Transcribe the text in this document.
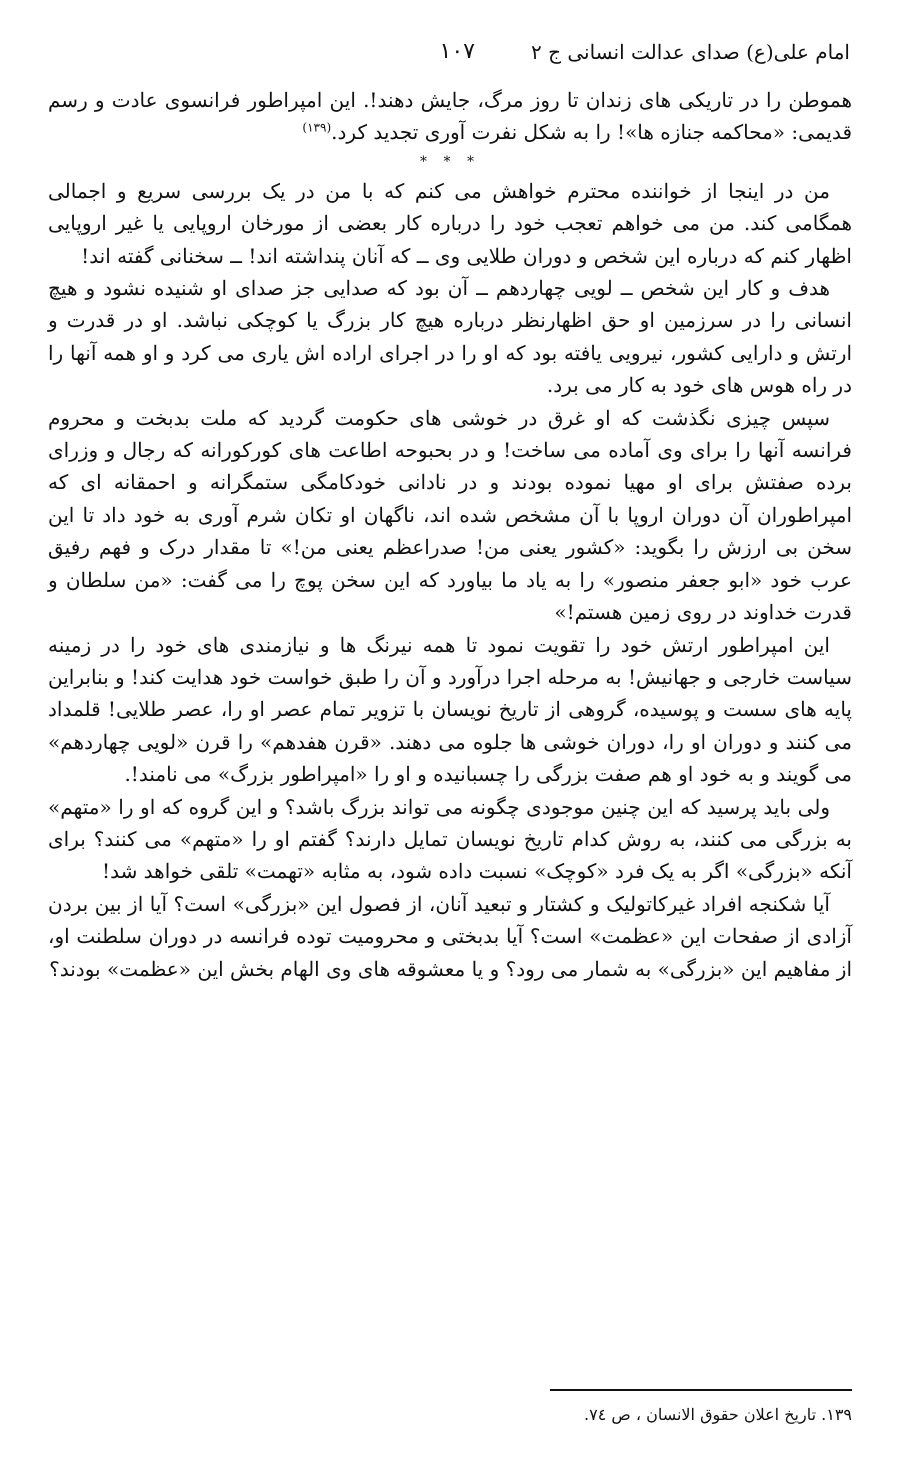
امام علی(ع) صدای عدالت انسانی ج ۲
۱۰۷

هموطن را در تاریکی های زندان تا روز مرگ، جایش دهند!. این امپراطور فرانسوی عادت و رسم قدیمی: «محاکمه جنازه ها»! را به شکل نفرت آوری تجدید کرد.$^{(۱۳۹)}$

* * *

من در اینجا از خواننده محترم خواهش می کنم که با من در یک بررسی سریع و اجمالی همگامی کند. من می خواهم تعجب خود را درباره کار بعضی از مورخان اروپایی یا غیر اروپایی اظهار کنم که درباره این شخص و دوران طلایی وی ــ که آنان پنداشته اند! ــ سخنانی گفته اند!

هدف و کار این شخص ــ لویی چهاردهم ــ آن بود که صدایی جز صدای او شنیده نشود و هیچ انسانی را در سرزمین او حق اظهارنظر درباره هیچ کار بزرگ یا کوچکی نباشد. او در قدرت و ارتش و دارایی کشور، نیرویی یافته بود که او را در اجرای اراده اش یاری می کرد و او همه آنها را در راه هوس های خود به کار می برد.

سپس چیزی نگذشت که او غرق در خوشی های حکومت گردید که ملت بدبخت و محروم فرانسه آنها را برای وی آماده می ساخت! و در بحبوحه اطاعت های کورکورانه که رجال و وزرای برده صفتش برای او مهیا نموده بودند و در نادانی خودکامگی ستمگرانه و احمقانه ای که امپراطوران آن دوران اروپا با آن مشخص شده اند، ناگهان او تکان شرم آوری به خود داد تا این سخن بی ارزش را بگوید: «کشور یعنی من! صدراعظم یعنی من!» تا مقدار درک و فهم رفیق عرب خود «ابو جعفر منصور» را به یاد ما بیاورد که این سخن پوچ را می گفت: «من سلطان و قدرت خداوند در روی زمین هستم!»

این امپراطور ارتش خود را تقویت نمود تا همه نیرنگ ها و نیازمندی های خود را در زمینه سیاست خارجی و جهانیش! به مرحله اجرا درآورد و آن را طبق خواست خود هدایت کند! و بنابراین پایه های سست و پوسیده، گروهی از تاریخ نویسان با تزویر تمام عصر او را، عصر طلایی! قلمداد می کنند و دوران او را، دوران خوشی ها جلوه می دهند. «قرن هفدهم» را قرن «لویی چهاردهم» می گویند و به خود او هم صفت بزرگی را چسبانیده و او را «امپراطور بزرگ» می نامند!.

ولی باید پرسید که این چنین موجودی چگونه می تواند بزرگ باشد؟ و این گروه که او را «متهم» به بزرگی می کنند، به روش کدام تاریخ نویسان تمایل دارند؟ گفتم او را «متهم» می کنند؟ برای آنکه «بزرگی» اگر به یک فرد «کوچک» نسبت داده شود، به مثابه «تهمت» تلقی خواهد شد!

آیا شکنجه افراد غیرکاتولیک و کشتار و تبعید آنان، از فصول این «بزرگی» است؟ آیا از بین بردن آزادی از صفحات این «عظمت» است؟ آیا بدبختی و محرومیت توده فرانسه در دوران سلطنت او، از مفاهیم این «بزرگی» به شمار می رود؟ و یا معشوقه های وی الهام بخش این «عظمت» بودند؟

۱۳۹. تاریخ اعلان حقوق الانسان ، ص ٧٤.
